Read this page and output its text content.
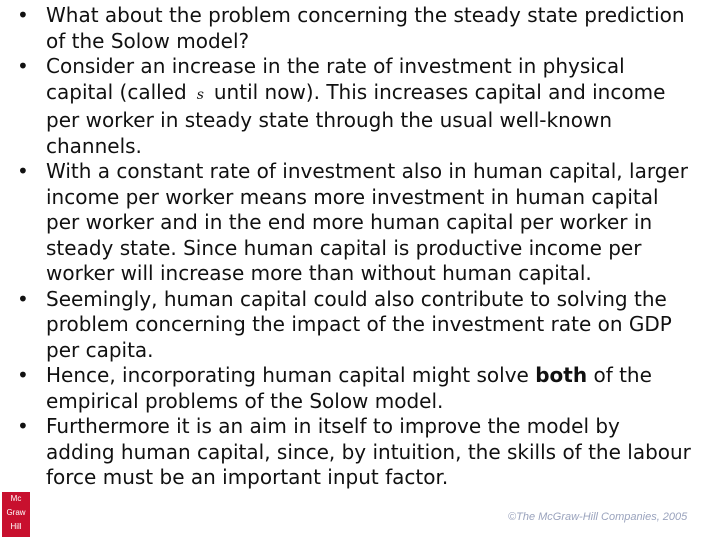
• What about the problem concerning the steady state prediction
of the Solow model?
• Consider an increase in the rate of investment in physical
capital (called s until now). This increases capital and income
per worker in steady state through the usual well-known
channels.
• With a constant rate of investment also in human capital, larger
income per worker means more investment in human capital
per worker and in the end more human capital per worker in
steady state. Since human capital is productive income per
worker will increase more than without human capital.
• Seemingly, human capital could also contribute to solving the
problem concerning the impact of the investment rate on GDP
per capita.
• Hence, incorporating human capital might solve both of the
empirical problems of the Solow model.
• Furthermore it is an aim in itself to improve the model by
adding human capital, since, by intuition, the skills of the labour
force must be an important input factor.
Mc
Graw
Hill
©The McGraw-Hill Companies, 2005
